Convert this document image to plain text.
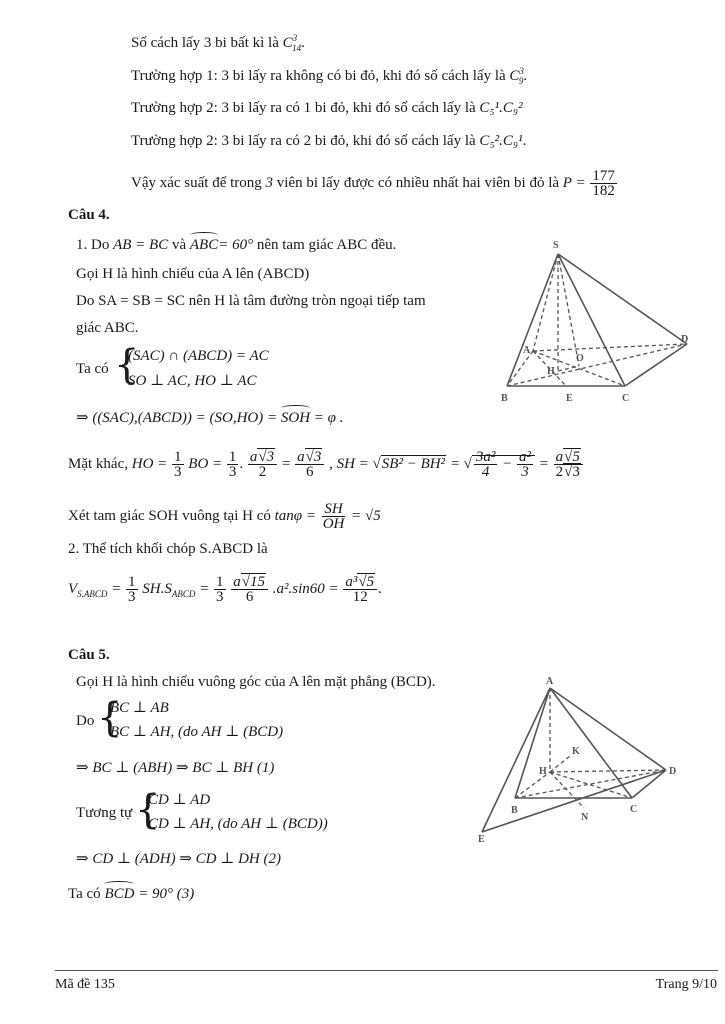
Số cách lấy 3 bi bất kì là $C^3_{14}$.
Trường hợp 1: 3 bi lấy ra không có bi đỏ, khi đó số cách lấy là $C^3_9$.
Trường hợp 2: 3 bi lấy ra có 1 bi đỏ, khi đó số cách lấy là C₅¹.C₉²
Trường hợp 2: 3 bi lấy ra có 2 bi đỏ, khi đó số cách lấy là C₅².C₉¹.
Vậy xác suất để trong 3 viên bi lấy được có nhiều nhất hai viên bi đỏ là $P = \frac{177}{182}$
Câu 4.
1. Do AB = BC và ABC= 60° nên tam giác ABC đều.
Gọi H là hình chiếu của A lên (ABCD)
Do SA = SB = SC nên H là tâm đường tròn ngoại tiếp tam
giác ABC.
Ta có {
(SAC) ∩ (ABCD) = AC
SO ⊥ AC, HO ⊥ AC
⇒ ((SAC),(ABCD)) = (SO,HO) = SOH = φ .
Mặt khác, HO = $\frac{1}{3}$ BO = $\frac{1}{3}$ . $\frac{a√3}{2} = \frac{a√3}{6}$ , SH = √SB² − BH² = √ $\frac{\text{3a²}}{4} - \frac{\text{a²}}{3} = \frac{a√5}{2√3}$
Xét tam giác SOH vuông tại H có $\tan\varphi = \frac{SH}{OH} = √5$
2. Thể tích khối chóp S.ABCD là
$V_{S.ABCD} = \frac{1}{3} SH.S_{ABCD} = \frac{1}{3}$
$\frac{a√15}{6} .a^2.\sin 60 = \frac{\text{a³√5}}{12}$ .
S
D
A
O
H
B	E	C
Câu 5.
Gọi H là hình chiếu vuông góc của A lên mặt phẳng (BCD).
Do {
BC ⊥ AB
BC ⊥ AH, (do AH ⊥ (BCD)
⇒ BC ⊥ (ABH) ⇒ BC ⊥ BH (1)
Tương tự {
CD ⊥ AD
CD ⊥ AH, (do AH ⊥ (BCD))
⇒ CD ⊥ (ADH) ⇒ CD ⊥ DH (2)
Ta có BCD = 90° (3)
A
K
H	D
B
N
C
E
Mã đề 135	Trang 9/10
